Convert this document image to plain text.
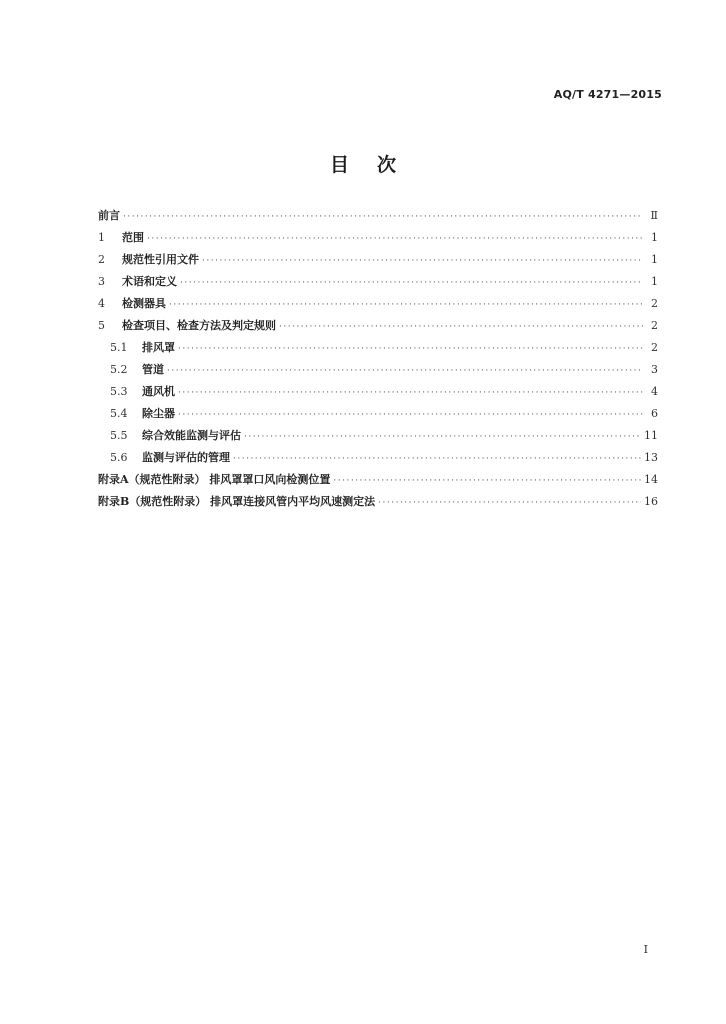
AQ/T 4271—2015
目次
前言 ·····	Ⅱ
1	范围 ·····	1
2	规范性引用文件 ·····	1
3	术语和定义 ·····	1
4	检测器具 ·····	2
5	检查项目、检查方法及判定规则 ·····	2
5.1	排风罩 ·····	2
5.2	管道 ·····	3
5.3	通风机 ·····	4
5.4	除尘器 ·····	6
5.5	综合效能监测与评估 ·····	11
5.6	监测与评估的管理 ·····	13
附录A （规范性附录） 排风罩罩口风向检测位置 ·····	14
附录B （规范性附录） 排风罩连接风管内平均风速测定法 ·····	16
I
